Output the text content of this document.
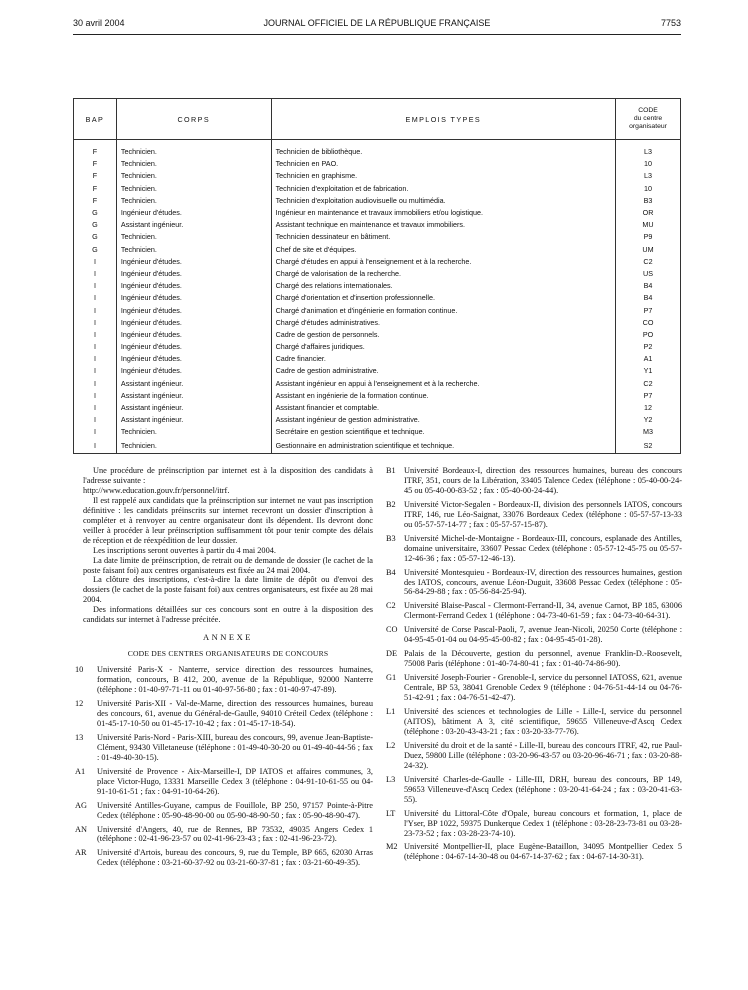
30 avril 2004	JOURNAL OFFICIEL DE LA RÉPUBLIQUE FRANÇAISE	7753
BAP	CORPS	EMPLOIS TYPES	CODE
du centre
organisateur

F	Technicien.	Technicien de bibliothèque.	L3
F	Technicien.	Technicien en PAO.	10
F	Technicien.	Technicien en graphisme.	L3
F	Technicien.	Technicien d'exploitation et de fabrication.	10
F	Technicien.	Technicien d'exploitation audiovisuelle ou multimédia.	B3
G	Ingénieur d'études.	Ingénieur en maintenance et travaux immobiliers et/ou logistique.	OR
G	Assistant ingénieur.	Assistant technique en maintenance et travaux immobiliers.	MU
G	Technicien.	Technicien dessinateur en bâtiment.	P9
G	Technicien.	Chef de site et d'équipes.	UM
I	Ingénieur d'études.	Chargé d'études en appui à l'enseignement et à la recherche.	C2
I	Ingénieur d'études.	Chargé de valorisation de la recherche.	US
I	Ingénieur d'études.	Chargé des relations internationales.	B4
I	Ingénieur d'études.	Chargé d'orientation et d'insertion professionnelle.	B4
I	Ingénieur d'études.	Chargé d'animation et d'ingénierie en formation continue.	P7
I	Ingénieur d'études.	Chargé d'études administratives.	CO
I	Ingénieur d'études.	Cadre de gestion de personnels.	PO
I	Ingénieur d'études.	Chargé d'affaires juridiques.	P2
I	Ingénieur d'études.	Cadre financier.	A1
I	Ingénieur d'études.	Cadre de gestion administrative.	Y1
I	Assistant ingénieur.	Assistant ingénieur en appui à l'enseignement et à la recherche.	C2
I	Assistant ingénieur.	Assistant en ingénierie de la formation continue.	P7
I	Assistant ingénieur.	Assistant financier et comptable.	12
I	Assistant ingénieur.	Assistant ingénieur de gestion administrative.	Y2
I	Technicien.	Secrétaire en gestion scientifique et technique.	M3
I	Technicien.	Gestionnaire en administration scientifique et technique.	S2

Une procédure de préinscription par internet est à la disposition des candidats à l'adresse suivante :

http://www.education.gouv.fr/personnel/itrf.

Il est rappelé aux candidats que la préinscription sur internet ne vaut pas inscription définitive : les candidats préinscrits sur internet recevront un dossier d'inscription à compléter et à renvoyer au centre organisateur dont ils dépendent. Ils devront donc veiller à procéder à leur préinscription suffisamment tôt pour tenir compte des délais de réception et de réexpédition de leur dossier.

Les inscriptions seront ouvertes à partir du 4 mai 2004.

La date limite de préinscription, de retrait ou de demande de dossier (le cachet de la poste faisant foi) aux centres organisateurs est fixée au 24 mai 2004.

La clôture des inscriptions, c'est-à-dire la date limite de dépôt ou d'envoi des dossiers (le cachet de la poste faisant foi) aux centres organisateurs, est fixée au 28 mai 2004.

Des informations détaillées sur ces concours sont en outre à la disposition des candidats sur internet à l'adresse précitée.

ANNEXE
CODE DES CENTRES ORGANISATEURS DE CONCOURS
10	Université Paris-X - Nanterre, service direction des ressources humaines, formation, concours, B 412, 200, avenue de la République, 92000 Nanterre (téléphone : 01-40-97-71-11 ou 01-40-97-56-80 ; fax : 01-40-97-47-89).
12	Université Paris-XII - Val-de-Marne, direction des ressources humaines, bureau des concours, 61, avenue du Général-de-Gaulle, 94010 Créteil Cedex (téléphone : 01-45-17-10-50 ou 01-45-17-10-42 ; fax : 01-45-17-18-54).
13	Université Paris-Nord - Paris-XIII, bureau des concours, 99, avenue Jean-Baptiste-Clément, 93430 Villetaneuse (téléphone : 01-49-40-30-20 ou 01-49-40-44-56 ; fax : 01-49-40-30-15).
A1	Université de Provence - Aix-Marseille-I, DP IATOS et affaires communes, 3, place Victor-Hugo, 13331 Marseille Cedex 3 (téléphone : 04-91-10-61-55 ou 04-91-10-61-51 ; fax : 04-91-10-64-26).
AG	Université Antilles-Guyane, campus de Fouillole, BP 250, 97157 Pointe-à-Pitre Cedex (téléphone : 05-90-48-90-00 ou 05-90-48-90-50 ; fax : 05-90-48-90-47).
AN	Université d'Angers, 40, rue de Rennes, BP 73532, 49035 Angers Cedex 1 (téléphone : 02-41-96-23-57 ou 02-41-96-23-43 ; fax : 02-41-96-23-72).
AR	Université d'Artois, bureau des concours, 9, rue du Temple, BP 665, 62030 Arras Cedex (téléphone : 03-21-60-37-92 ou 03-21-60-37-81 ; fax : 03-21-60-49-35).
B1	Université Bordeaux-I, direction des ressources humaines, bureau des concours ITRF, 351, cours de la Libération, 33405 Talence Cedex (téléphone : 05-40-00-24-45 ou 05-40-00-83-52 ; fax : 05-40-00-24-44).
B2	Université Victor-Segalen - Bordeaux-II, division des personnels IATOS, concours ITRF, 146, rue Léo-Saignat, 33076 Bordeaux Cedex (téléphone : 05-57-57-13-33 ou 05-57-57-14-77 ; fax : 05-57-57-15-87).
B3	Université Michel-de-Montaigne - Bordeaux-III, concours, esplanade des Antilles, domaine universitaire, 33607 Pessac Cedex (téléphone : 05-57-12-45-75 ou 05-57-12-46-36 ; fax : 05-57-12-46-13).
B4	Université Montesquieu - Bordeaux-IV, direction des ressources humaines, gestion des IATOS, concours, avenue Léon-Duguit, 33608 Pessac Cedex (téléphone : 05-56-84-29-88 ; fax : 05-56-84-25-94).
C2	Université Blaise-Pascal - Clermont-Ferrand-II, 34, avenue Carnot, BP 185, 63006 Clermont-Ferrand Cedex 1 (téléphone : 04-73-40-61-59 ; fax : 04-73-40-64-31).
CO Université de Corse Pascal-Paoli, 7, avenue Jean-Nicoli, 20250 Corte (téléphone : 04-95-45-01-04 ou 04-95-45-00-82 ; fax : 04-95-45-01-28).
DE Palais de la Découverte, gestion du personnel, avenue Franklin-D.-Roosevelt, 75008 Paris (téléphone : 01-40-74-80-41 ; fax : 01-40-74-86-90).
G1 Université Joseph-Fourier - Grenoble-I, service du personnel IATOSS, 621, avenue Centrale, BP 53, 38041 Grenoble Cedex 9 (téléphone : 04-76-51-44-14 ou 04-76-51-42-91 ; fax : 04-76-51-42-47).
L1	Université des sciences et technologies de Lille - Lille-I, service du personnel (AITOS), bâtiment A 3, cité scientifique, 59655 Villeneuve-d'Ascq Cedex (téléphone : 03-20-43-43-21 ; fax : 03-20-33-77-76).
L2	Université du droit et de la santé - Lille-II, bureau des concours ITRF, 42, rue Paul-Duez, 59800 Lille (téléphone : 03-20-96-43-57 ou 03-20-96-46-71 ; fax : 03-20-88-24-32).
L3	Université Charles-de-Gaulle - Lille-III, DRH, bureau des concours, BP 149, 59653 Villeneuve-d'Ascq Cedex (téléphone : 03-20-41-64-24 ; fax : 03-20-41-63-55).
LT	Université du Littoral-Côte d'Opale, bureau concours et formation, 1, place de l'Yser, BP 1022, 59375 Dunkerque Cedex 1 (téléphone : 03-28-23-73-81 ou 03-28-23-73-52 ; fax : 03-28-23-74-10).
M2 Université Montpellier-II, place Eugène-Bataillon, 34095 Montpellier Cedex 5 (téléphone : 04-67-14-30-48 ou 04-67-14-37-62 ; fax : 04-67-14-30-31).
